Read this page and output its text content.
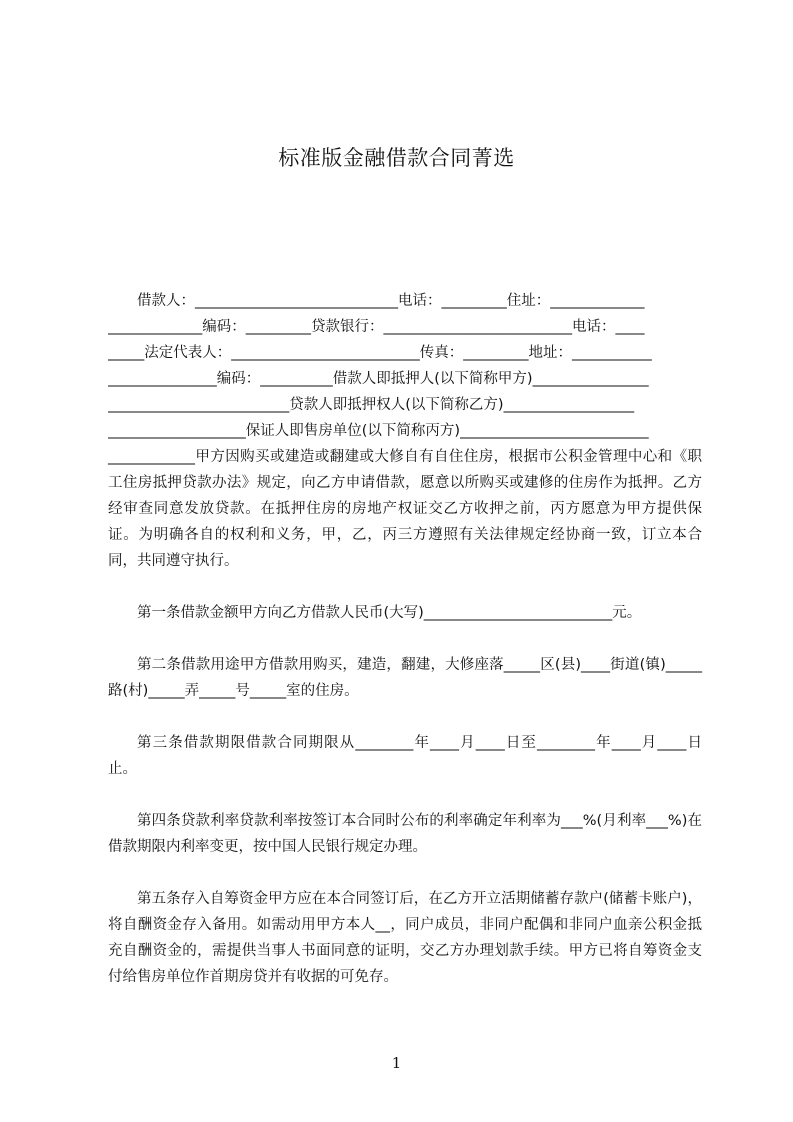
标准版金融借款合同菁选
　　借款人：____________________________电话：_________住址：_____________
_____________编码：_________贷款银行：__________________________电话：____
_____法定代表人：__________________________传真：_________地址：___________
_______________编码：__________借款人即抵押人(以下简称甲方)________________
_________________________贷款人即抵押权人(以下简称乙方)__________________
___________________保证人即售房单位(以下简称丙方)__________________________

____________甲方因购买或建造或翻建或大修自有自住住房，根据市公积金管理中心和《职工住房抵押贷款办法》规定，向乙方申请借款，愿意以所购买或建修的住房作为抵押。乙方经审查同意发放贷款。在抵押住房的房地产权证交乙方收押之前，丙方愿意为甲方提供保证。为明确各自的权利和义务，甲，乙，丙三方遵照有关法律规定经协商一致，订立本合同，共同遵守执行。

第一条借款金额甲方向乙方借款人民币(大写)__________________________元。

第二条借款用途甲方借款用购买，建造，翻建，大修座落_____区(县)____街道(镇)_____路(村)_____弄_____号_____室的住房。

第三条借款期限借款合同期限从________年____月____日至________年____月____日止。

第四条贷款利率贷款利率按签订本合同时公布的利率确定年利率为___%(月利率___%)在借款期限内利率变更，按中国人民银行规定办理。

第五条存入自筹资金甲方应在本合同签订后，在乙方开立活期储蓄存款户(储蓄卡账户)，将自酬资金存入备用。如需动用甲方本人__，同户成员，非同户配偶和非同户血亲公积金抵充自酬资金的，需提供当事人书面同意的证明，交乙方办理划款手续。甲方已将自筹资金支付给售房单位作首期房贷并有收据的可免存。

1
